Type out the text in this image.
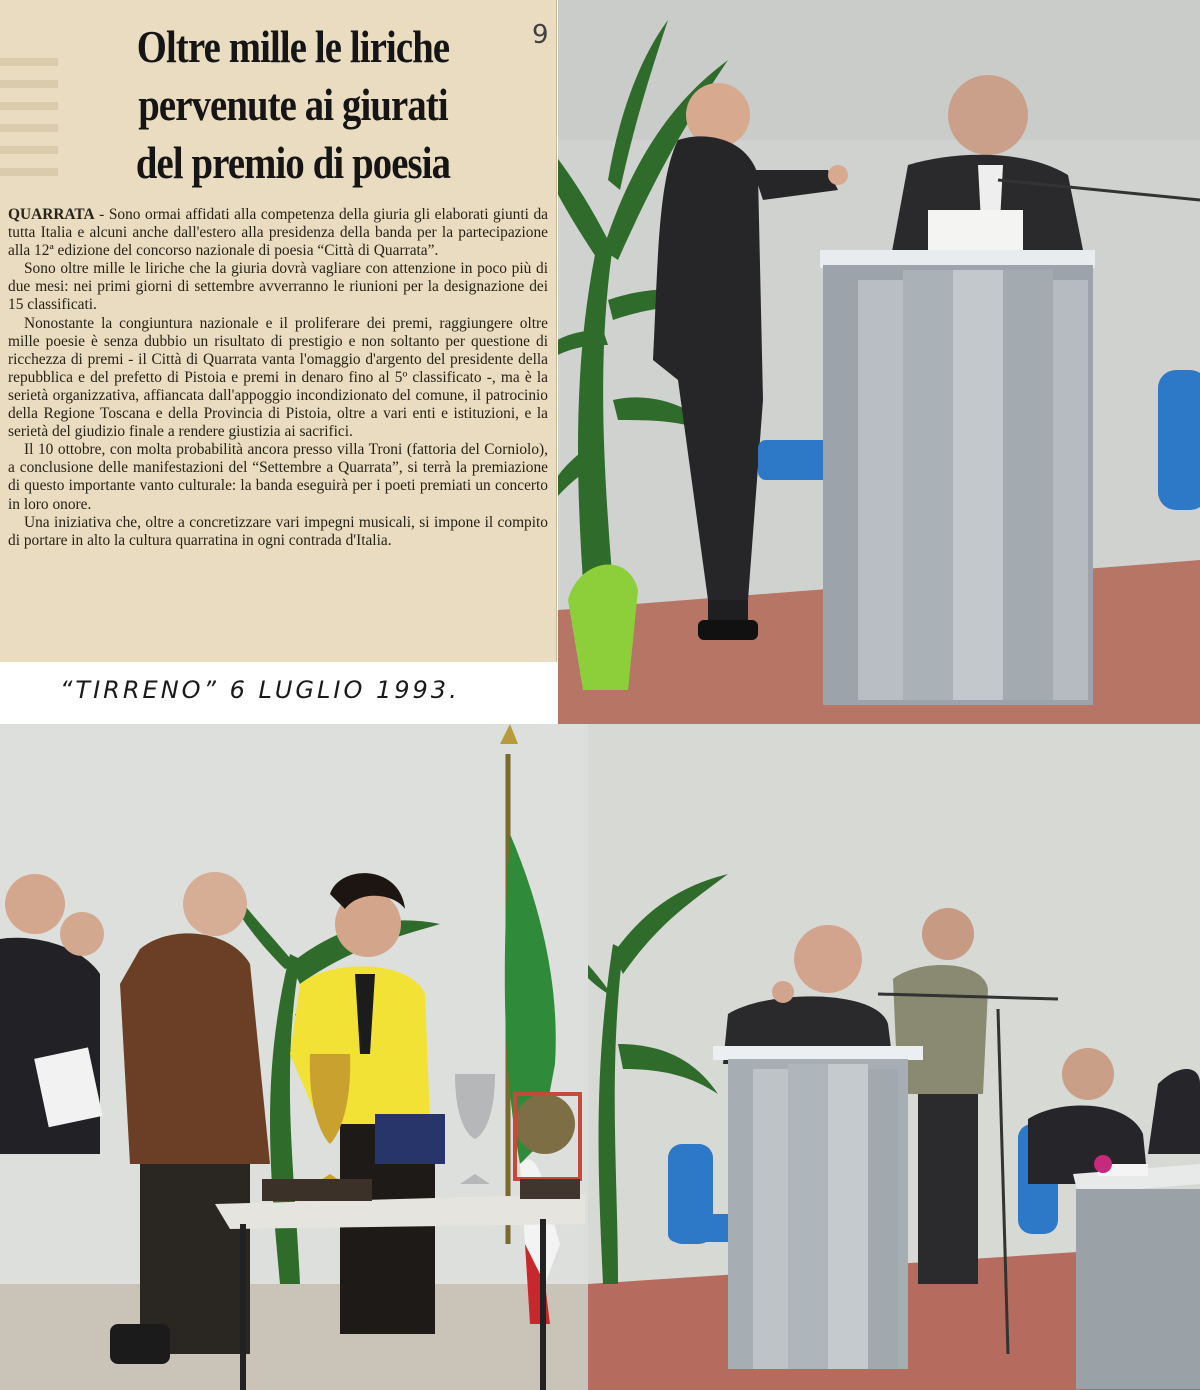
Oltre mille le liriche
pervenute ai giurati
del premio di poesia

QUARRATA - Sono ormai affidati alla competenza della giuria gli elaborati giunti da tutta Italia e alcuni anche dall'estero alla presidenza della banda per la partecipazione alla 12ª edizione del concorso nazionale di poesia “Città di Quarrata”.

Sono oltre mille le liriche che la giuria dovrà vagliare con attenzione in poco più di due mesi: nei primi giorni di settembre avverranno le riunioni per la designazione dei 15 classificati.

Nonostante la congiuntura nazionale e il proliferare dei premi, raggiungere oltre mille poesie è senza dubbio un risultato di prestigio e non soltanto per questione di ricchezza di premi - il Città di Quarrata vanta l'omaggio d'argento del presidente della repubblica e del prefetto di Pistoia e premi in denaro fino al 5º classificato -, ma è la serietà organizzativa, affiancata dall'appoggio incondizionato del comune, il patrocinio della Regione Toscana e della Provincia di Pistoia, oltre a vari enti e istituzioni, e la serietà del giudizio finale a rendere giustizia ai sacrifici.

Il 10 ottobre, con molta probabilità ancora presso villa Troni (fattoria del Corniolo), a conclusione delle manifestazioni del “Settembre a Quarrata”, si terrà la premiazione di questo importante vanto culturale: la banda eseguirà per i poeti premiati un concerto in loro onore.

Una iniziativa che, oltre a concretizzare vari impegni musicali, si impone il compito di portare in alto la cultura quarratina in ogni contrada d'Italia.

9
“TIRRENO” 6 LUGLIO 1993.
